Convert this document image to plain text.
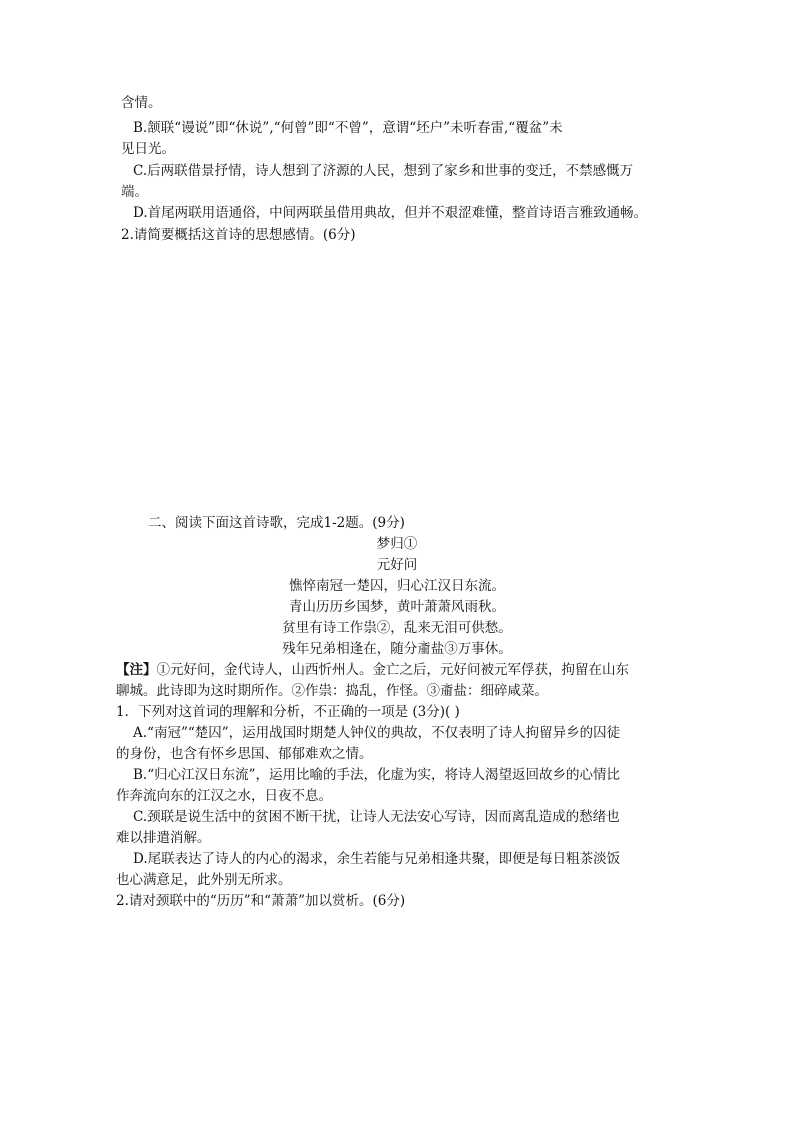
含情。
B.颔联“谩说”即“休说”,“何曾”即“不曾”，意谓“坯户”未听春雷,“覆盆”未
见日光。
C.后两联借景抒情，诗人想到了济源的人民，想到了家乡和世事的变迁，不禁感慨万
端。
D.首尾两联用语通俗，中间两联虽借用典故，但并不艰涩难懂，整首诗语言雅致通畅。
2.请简要概括这首诗的思想感情。(6分)
二、阅读下面这首诗歌，完成1-2题。(9分)
梦归①
元好问
憔悴南冠一楚囚，归心江汉日东流。
青山历历乡国梦，黄叶萧萧风雨秋。
贫里有诗工作祟②，乱来无泪可供愁。
残年兄弟相逢在，随分齑盐③万事休。
【注】①元好问，金代诗人，山西忻州人。金亡之后，元好问被元军俘获，拘留在山东
聊城。此诗即为这时期所作。②作祟：捣乱，作怪。③齑盐：细碎咸菜。
1．下列对这首词的理解和分析，不正确的一项是 (3分)( )
A.“南冠”“楚囚”，运用战国时期楚人钟仪的典故，不仅表明了诗人拘留异乡的囚徒
的身份，也含有怀乡思国、郁郁难欢之情。
B.“归心江汉日东流”，运用比喻的手法，化虚为实，将诗人渴望返回故乡的心情比
作奔流向东的江汉之水，日夜不息。
C.颈联是说生活中的贫困不断干扰，让诗人无法安心写诗，因而离乱造成的愁绪也
难以排遣消解。
D.尾联表达了诗人的内心的渴求，余生若能与兄弟相逢共聚，即便是每日粗茶淡饭
也心满意足，此外别无所求。
2.请对颈联中的“历历”和“萧萧”加以赏析。(6分)
